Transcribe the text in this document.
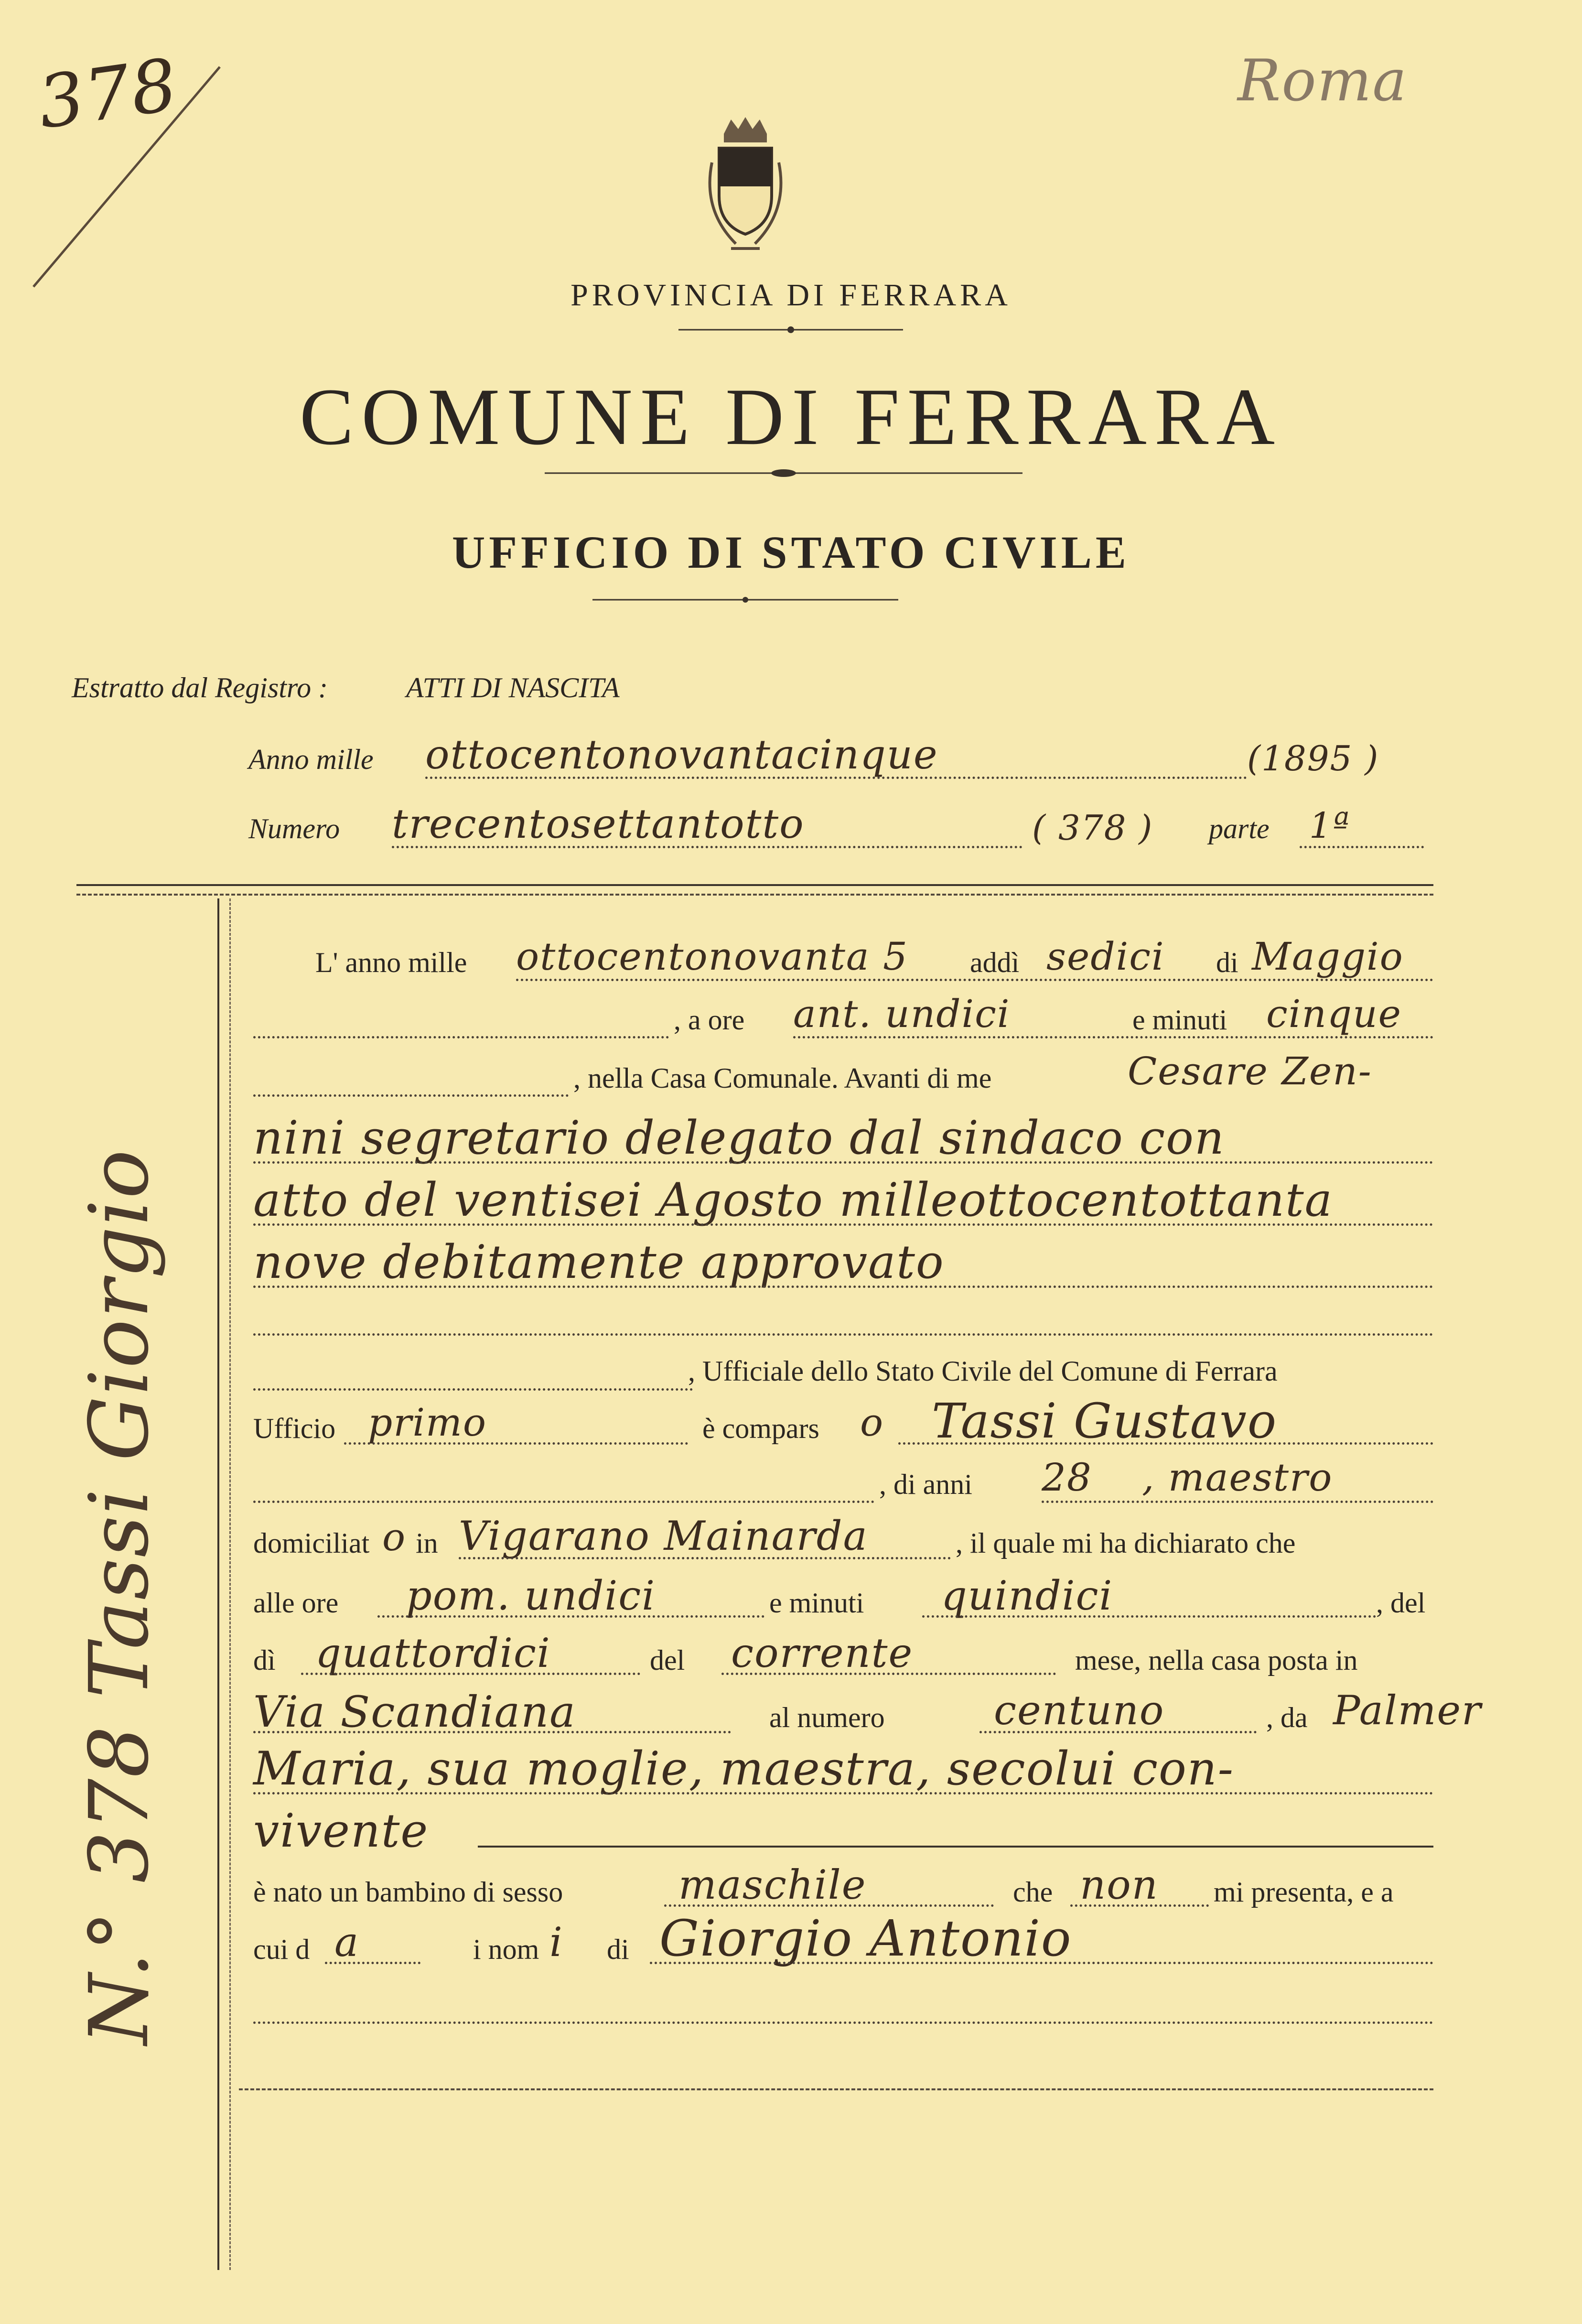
378	Roma
PROVINCIA DI FERRARA
COMUNE DI FERRARA
UFFICIO DI STATO CIVILE
Estratto dal Registro :	ATTI DI NASCITA
Anno mille ottocentonovantacinque	(1895 )
Numero trecentosettantotto	( 378 ) parte 1ª
N.° 378 Tassi Giorgio
L' anno mille ottocentonovanta 5 addì sedici di Maggio
, a ore ant. undici	e minuti cinque
, nella Casa Comunale. Avanti di me	Cesare Zen-
nini segretario delegato dal sindaco con
atto del ventisei Agosto milleottocentottanta
nove debitamente approvato
, Ufficiale dello Stato Civile del Comune di Ferrara
Ufficio primo	è compars o Tassi Gustavo
, di anni 28 , maestro
domiciliat o in Vigarano Mainarda	, il quale mi ha dichiarato che
alle ore pom. undici	e minuti quindici	, del
dì quattordici	del corrente	mese, nella casa posta in
Via Scandiana	al numero	centuno	, da Palmer
Maria, sua moglie, maestra, secolui con-
vivente
è nato un bambino di sesso	maschile	che non mi presenta, e a
cui d a	i nom i di Giorgio Antonio
